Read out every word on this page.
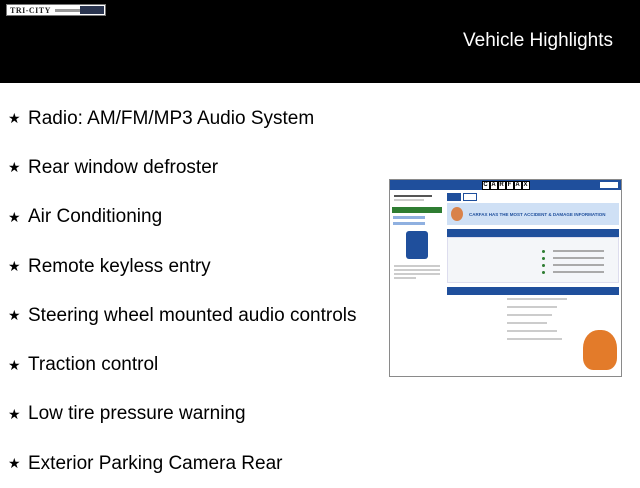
TRI-CITY
Vehicle Highlights
★ Radio: AM/FM/MP3 Audio System
★ Rear window defroster
★ Air Conditioning
★ Remote keyless entry
★ Steering wheel mounted audio controls
★ Traction control
★ Low tire pressure warning
★ Exterior Parking Camera Rear
C A R F A X
CARFAX HAS THE MOST ACCIDENT & DAMAGE INFORMATION
